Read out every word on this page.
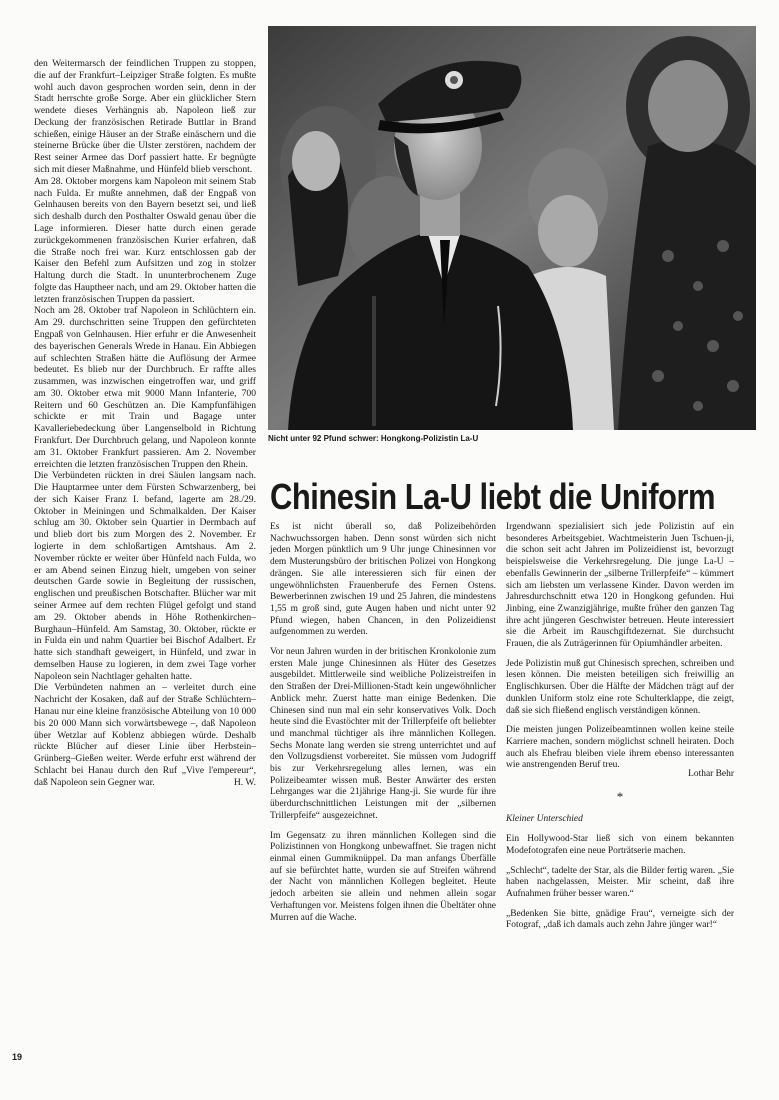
den Weitermarsch der feindlichen Truppen zu stoppen, die auf der Frankfurt–Leipziger Straße folgten. Es mußte wohl auch davon gesprochen worden sein, denn in der Stadt herrschte große Sorge. Aber ein glücklicher Stern wendete dieses Verhängnis ab. Napoleon ließ zur Deckung der französischen Retirade Buttlar in Brand schießen, einige Häuser an der Straße einäschern und die steinerne Brücke über die Ulster zerstören, nachdem der Rest seiner Armee das Dorf passiert hatte. Er begnügte sich mit dieser Maßnahme, und Hünfeld blieb verschont.

Am 28. Oktober morgens kam Napoleon mit seinem Stab nach Fulda. Er mußte annehmen, daß der Engpaß von Gelnhausen bereits von den Bayern besetzt sei, und ließ sich deshalb durch den Posthalter Oswald genau über die Lage informieren. Dieser hatte durch einen gerade zurückgekommenen französischen Kurier erfahren, daß die Straße noch frei war. Kurz entschlossen gab der Kaiser den Befehl zum Aufsitzen und zog in stolzer Haltung durch die Stadt. In ununterbrochenem Zuge folgte das Hauptheer nach, und am 29. Oktober hatten die letzten französischen Truppen da passiert.

Noch am 28. Oktober traf Napoleon in Schlüchtern ein. Am 29. durchschritten seine Truppen den gefürchteten Engpaß von Gelnhausen. Hier erfuhr er die Anwesenheit des bayerischen Generals Wrede in Hanau. Ein Abbiegen auf schlechten Straßen hätte die Auflösung der Armee bedeutet. Es blieb nur der Durchbruch. Er raffte alles zusammen, was inzwischen eingetroffen war, und griff am 30. Oktober etwa mit 9000 Mann Infanterie, 700 Reitern und 60 Geschützen an. Die Kampfunfähigen schickte er mit Train und Bagage unter Kavalleriebedeckung über Langenselbold in Richtung Frankfurt. Der Durchbruch gelang, und Napoleon konnte am 31. Oktober Frankfurt passieren. Am 2. November erreichten die letzten französischen Truppen den Rhein.

Die Verbündeten rückten in drei Säulen langsam nach. Die Hauptarmee unter dem Fürsten Schwarzenberg, bei der sich Kaiser Franz I. befand, lagerte am 28./29. Oktober in Meiningen und Schmalkalden. Der Kaiser schlug am 30. Oktober sein Quartier in Dermbach auf und blieb dort bis zum Morgen des 2. November. Er logierte in dem schloßartigen Amtshaus. Am 2. November rückte er weiter über Hünfeld nach Fulda, wo er am Abend seinen Einzug hielt, umgeben von seiner deutschen Garde sowie in Begleitung der russischen, englischen und preußischen Botschafter. Blücher war mit seiner Armee auf dem rechten Flügel gefolgt und stand am 29. Oktober abends in Höhe Rothenkirchen–Burghaun–Hünfeld. Am Samstag, 30. Oktober, rückte er in Fulda ein und nahm Quartier bei Bischof Adalbert. Er hatte sich standhaft geweigert, in Hünfeld, und zwar in demselben Hause zu logieren, in dem zwei Tage vorher Napoleon sein Nachtlager gehalten hatte.

Die Verbündeten nahmen an – verleitet durch eine Nachricht der Kosaken, daß auf der Straße Schlüchtern–Hanau nur eine kleine französische Abteilung von 10 000 bis 20 000 Mann sich vorwärtsbewege –, daß Napoleon über Wetzlar auf Koblenz abbiegen würde. Deshalb rückte Blücher auf dieser Linie über Herbstein–Grünberg–Gießen weiter. Werde erfuhr erst während der Schlacht bei Hanau durch den Ruf „Vive l'empereur“, daß Napoleon sein Gegner war.	H. W.
Nicht unter 92 Pfund schwer: Hongkong-Polizistin La-U
Chinesin La-U liebt die Uniform

Es ist nicht überall so, daß Polizeibehörden Nachwuchssorgen haben. Denn sonst würden sich nicht jeden Morgen pünktlich um 9 Uhr junge Chinesinnen vor dem Musterungsbüro der britischen Polizei von Hongkong drängen. Sie alle interessieren sich für einen der ungewöhnlichsten Frauenberufe des Fernen Ostens. Bewerberinnen zwischen 19 und 25 Jahren, die mindestens 1,55 m groß sind, gute Augen haben und nicht unter 92 Pfund wiegen, haben Chancen, in den Polizeidienst aufgenommen zu werden.

Vor neun Jahren wurden in der britischen Kronkolonie zum ersten Male junge Chinesinnen als Hüter des Gesetzes ausgebildet. Mittlerweile sind weibliche Polizeistreifen in den Straßen der Drei-Millionen-Stadt kein ungewöhnlicher Anblick mehr. Zuerst hatte man einige Bedenken. Die Chinesen sind nun mal ein sehr konservatives Volk. Doch heute sind die Evastöchter mit der Trillerpfeife oft beliebter und manchmal tüchtiger als ihre männlichen Kollegen. Sechs Monate lang werden sie streng unterrichtet und auf den Vollzugsdienst vorbereitet. Sie müssen vom Judogriff bis zur Verkehrsregelung alles lernen, was ein Polizeibeamter wissen muß. Bester Anwärter des ersten Lehrganges war die 21jährige Hang-ji. Sie wurde für ihre überdurchschnittlichen Leistungen mit der „silbernen Trillerpfeife“ ausgezeichnet.

Im Gegensatz zu ihren männlichen Kollegen sind die Polizistinnen von Hongkong unbewaffnet. Sie tragen nicht einmal einen Gummiknüppel. Da man anfangs Überfälle auf sie befürchtet hatte, wurden sie auf Streifen während der Nacht von männlichen Kollegen begleitet. Heute jedoch arbeiten sie allein und nehmen allein sogar Verhaftungen vor. Meistens folgen ihnen die Übeltäter ohne Murren auf die Wache.

Irgendwann spezialisiert sich jede Polizistin auf ein besonderes Arbeitsgebiet. Wachtmeisterin Juen Tschuen-ji, die schon seit acht Jahren im Polizeidienst ist, bevorzugt beispielsweise die Verkehrsregelung. Die junge La-U – ebenfalls Gewinnerin der „silberne Trillerpfeife“ – kümmert sich am liebsten um verlassene Kinder. Davon werden im Jahresdurchschnitt etwa 120 in Hongkong gefunden. Hui Jinbing, eine Zwanzigjährige, mußte früher den ganzen Tag ihre acht jüngeren Geschwister betreuen. Heute interessiert sie die Arbeit im Rauschgiftdezernat. Sie durchsucht Frauen, die als Zuträgerinnen für Opiumhändler arbeiten.

Jede Polizistin muß gut Chinesisch sprechen, schreiben und lesen können. Die meisten beteiligen sich freiwillig an Englischkursen. Über die Hälfte der Mädchen trägt auf der dunklen Uniform stolz eine rote Schulterklappe, die zeigt, daß sie sich fließend englisch verständigen können.

Die meisten jungen Polizeibeamtinnen wollen keine steile Karriere machen, sondern möglichst schnell heiraten. Doch auch als Ehefrau bleiben viele ihrem ebenso interessanten wie anstrengenden Beruf treu.

Lothar Behr
*

Kleiner Unterschied

Ein Hollywood-Star ließ sich von einem bekannten Modefotografen eine neue Porträtserie machen.

„Schlecht“, tadelte der Star, als die Bilder fertig waren. „Sie haben nachgelassen, Meister. Mir scheint, daß ihre Aufnahmen früher besser waren.“

„Bedenken Sie bitte, gnädige Frau“, verneigte sich der Fotograf, „daß ich damals auch zehn Jahre jünger war!“

19
